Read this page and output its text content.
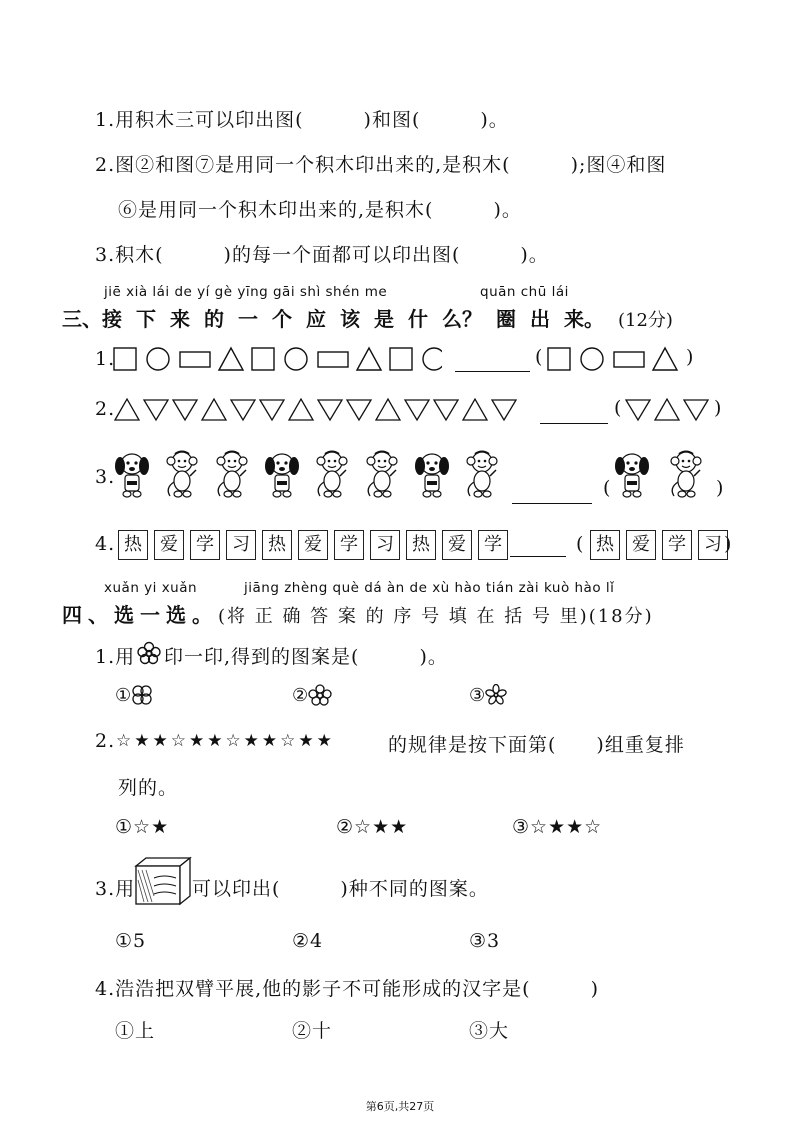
1.用积木三可以印出图(　　　)和图(　　　)。
2.图②和图⑦是用同一个积木印出来的,是积木(　　　);图④和图
⑥是用同一个积木印出来的,是积木(　　　)。
3.积木(　　　)的每一个面都可以印出图(　　　)。
jiē xià lái de yí gè yīng gāi shì shén me	quān chū lái
三、接 下 来 的 一 个 应 该 是 什 么？ 圈 出 来。 (12分)
1.	(	)
2.	(	)
3.	(	)
4. 热	爱	学	习	热	爱	学	习	热	爱	学	( 热	爱	学	习 )
xuǎn yi xuǎn	jiāng zhèng què dá àn de xù hào tián zài kuò hào lǐ
四、选一选。(将 正 确 答 案 的 序 号 填 在 括 号 里)(18分)
1.用 印一印,得到的图案是(　　　)。
①	②	③
2. ☆★★☆★★☆★★☆★★	的规律是按下面第(　　)组重复排
列的。
①☆★	②☆★★	③☆★★☆
3.用	可以印出(　　　)种不同的图案。
①5	②4	③3
4.浩浩把双臂平展,他的影子不可能形成的汉字是(　　　)
①上	②十	③大
第6页,共27页
